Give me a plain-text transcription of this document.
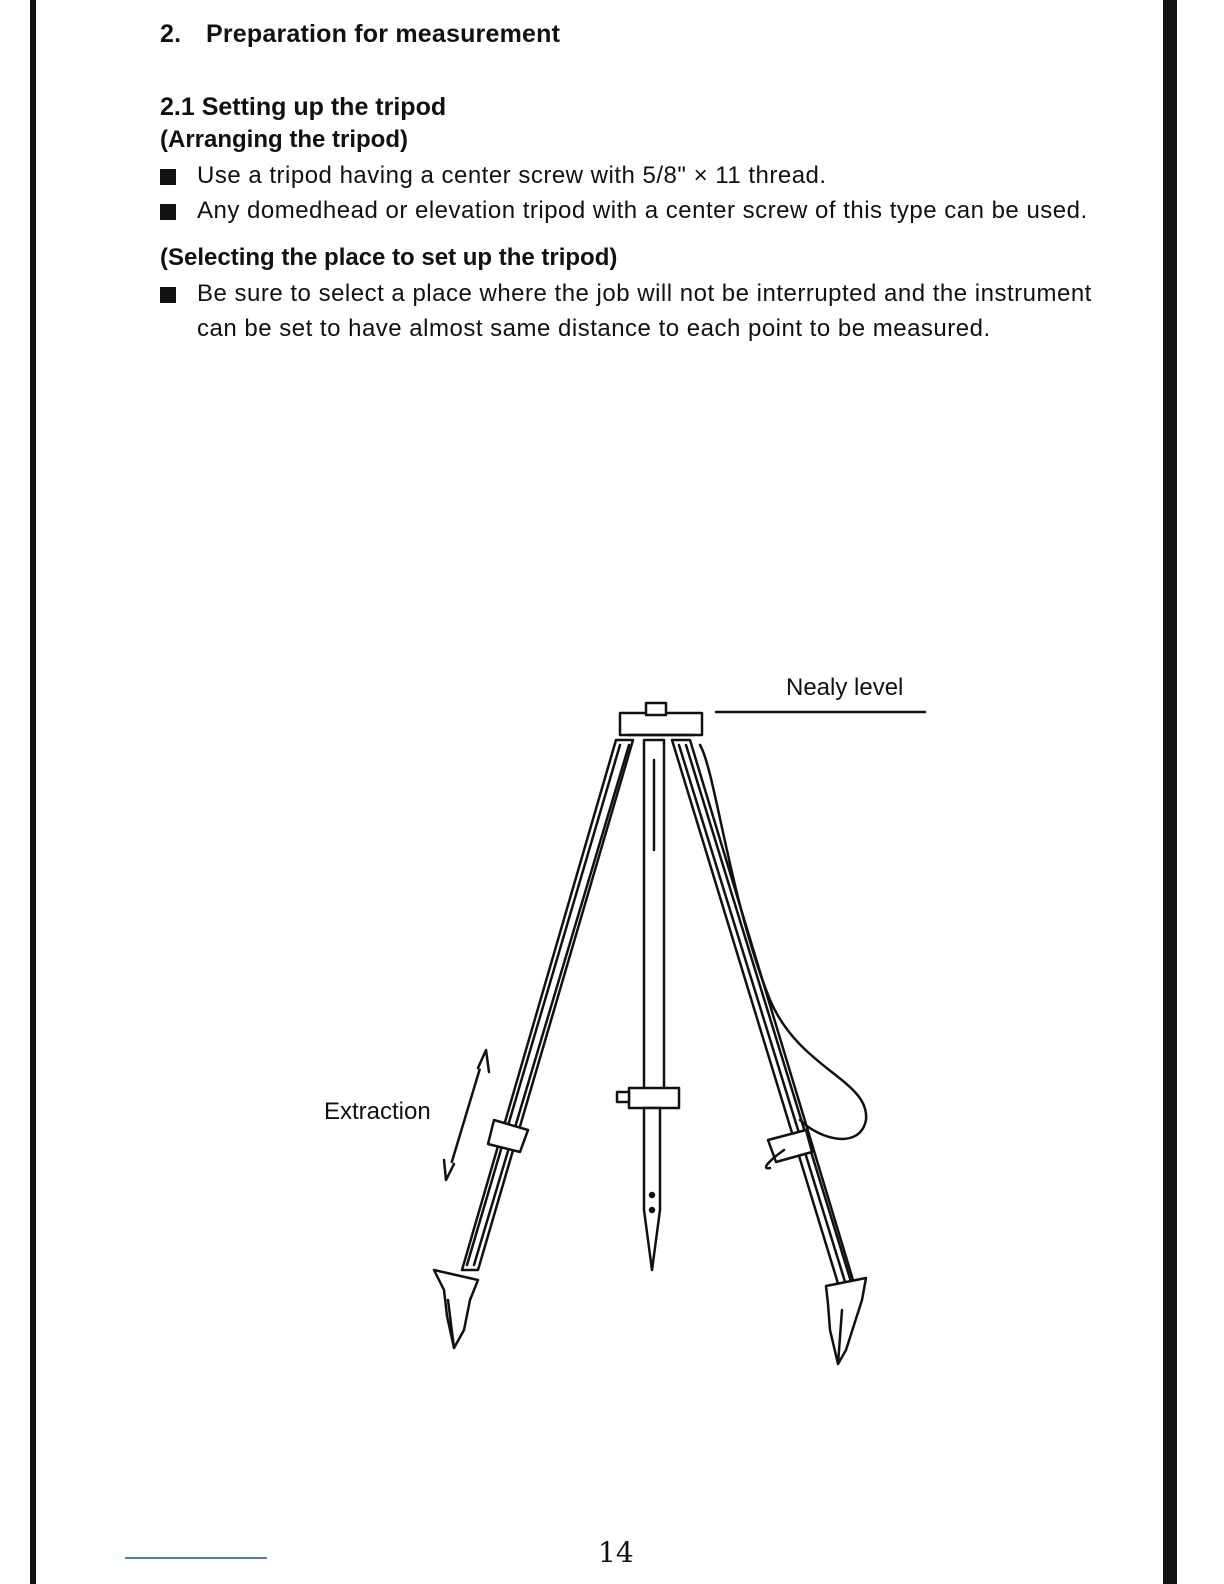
2. Preparation for measurement
2.1 Setting up the tripod
(Arranging the tripod)
Use a tripod having a center screw with 5/8" × 11 thread.
Any domedhead or elevation tripod with a center screw of this type can be used.
(Selecting the place to set up the tripod)
Be sure to select a place where the job will not be interrupted and the instrument can be set to have almost same distance to each point to be measured.
Nealy level
Extraction
14
